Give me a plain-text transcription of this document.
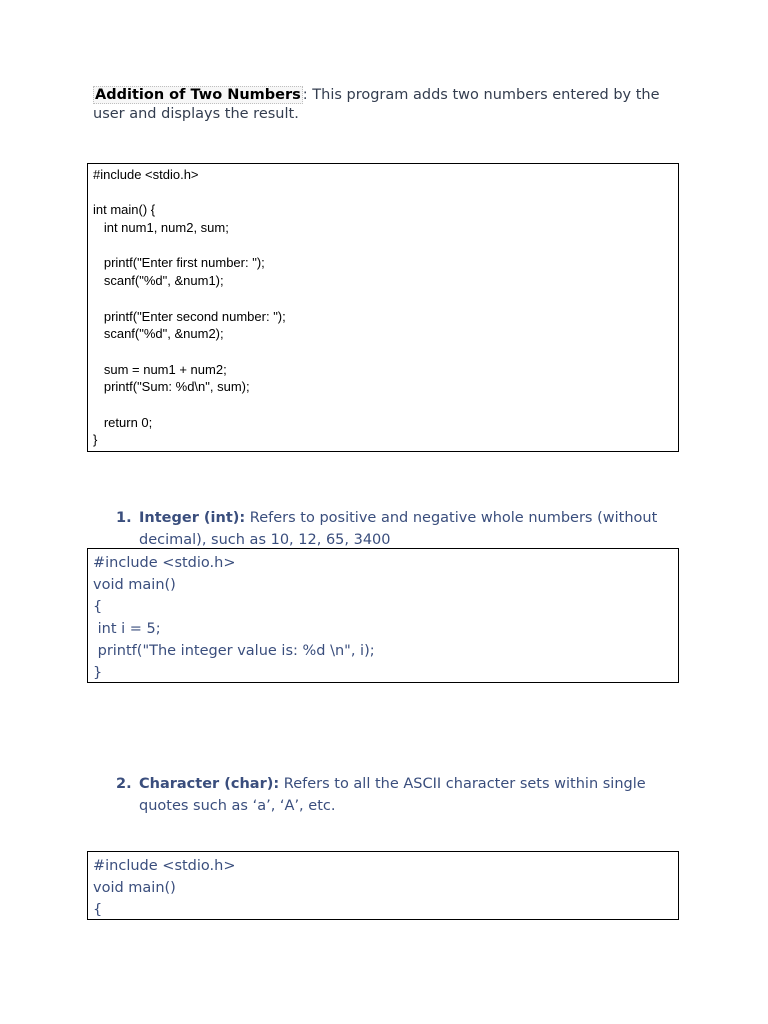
Addition of Two Numbers : This program adds two numbers entered by the user and displays the result.
#include <stdio.h>
int main() {
int num1, num2, sum;
printf("Enter first number: ");
scanf("%d", &num1);
printf("Enter second number: ");
scanf("%d", &num2);
sum = num1 + num2;
printf("Sum: %d\n", sum);
return 0;
}
1. Integer (int): Refers to positive and negative whole numbers (without decimal), such as 10, 12, 65, 3400
#include <stdio.h>
void main()
{
int i = 5;
printf("The integer value is: %d \n", i);
}
2. Character (char): Refers to all the ASCII character sets within single quotes such as ‘a’, ‘A’, etc.
#include <stdio.h>
void main()
{
